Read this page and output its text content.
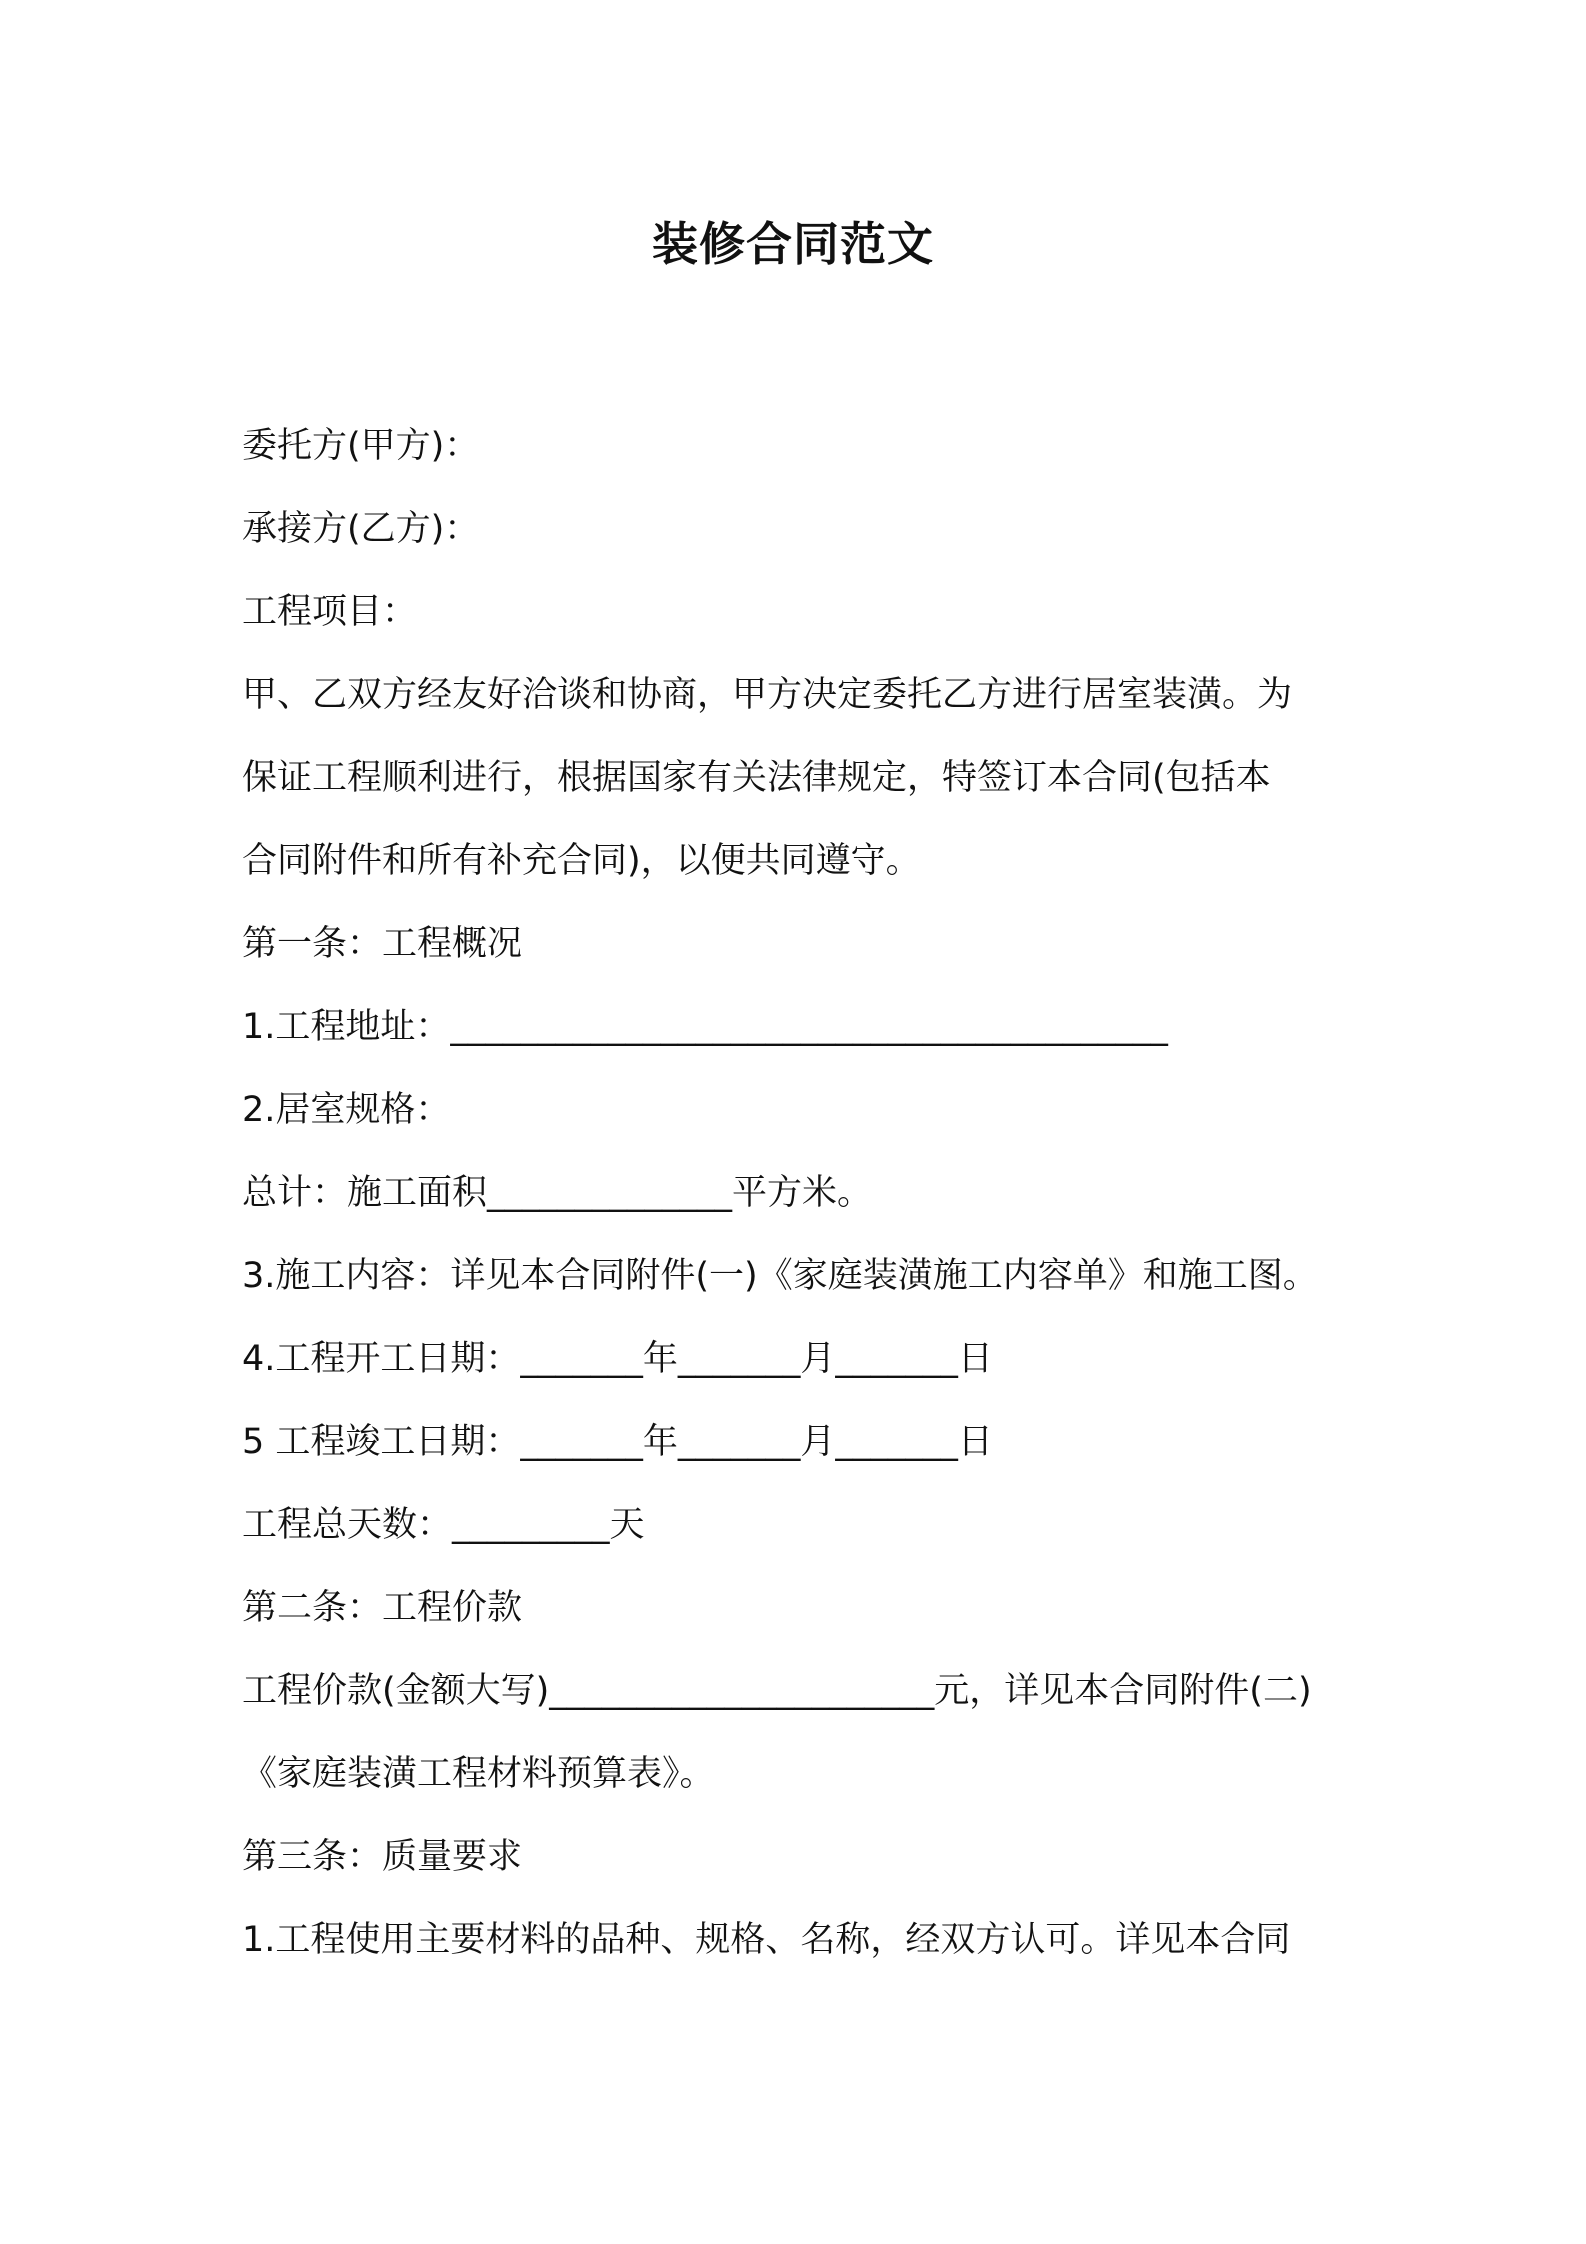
装修合同范文

委托方(甲方)：

承接方(乙方)：

工程项目：

甲、乙双方经友好洽谈和协商，甲方决定委托乙方进行居室装潢。为

保证工程顺利进行，根据国家有关法律规定，特签订本合同(包括本

合同附件和所有补充合同)，以便共同遵守。

第一条：工程概况

1.工程地址：_________________________________________

2.居室规格：

总计：施工面积______________平方米。

3.施工内容：详见本合同附件(一)《家庭装潢施工内容单》和施工图。

4.工程开工日期：_______年_______月_______日

5 工程竣工日期：_______年_______月_______日

工程总天数：_________天

第二条：工程价款

工程价款(金额大写)______________________元，详见本合同附件(二)

《家庭装潢工程材料预算表》。

第三条：质量要求

1.工程使用主要材料的品种、规格、名称，经双方认可。详见本合同
